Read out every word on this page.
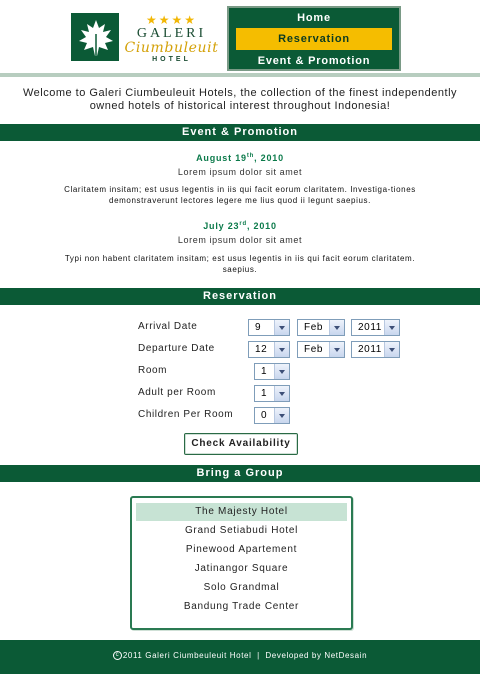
★★★★
GALERI
Ciumbuleuit
HOTEL
Home
Reservation
Event & Promotion
Welcome to Galeri Ciumbeuleuit Hotels, the collection of the finest independently owned hotels of historical interest throughout Indonesia!
Event & Promotion
August 19th, 2010
Lorem ipsum dolor sit amet
Claritatem insitam; est usus legentis in iis qui facit eorum claritatem. Investiga-tiones demonstraverunt lectores legere me lius quod ii legunt saepius.
July 23rd, 2010
Lorem ipsum dolor sit amet
Typi non habent claritatem insitam; est usus legentis in iis qui facit eorum claritatem. saepius.
Reservation
Arrival Date	9	Feb	2011
Departure Date	12	Feb	2011
Room	1
Adult per Room	1
Children Per Room	0
Check Availability
Bring a Group
The Majesty Hotel
Grand Setiabudi Hotel
Pinewood Apartement
Jatinangor Square
Solo Grandmal
Bandung Trade Center
c 2011 Galeri Ciumbeuleuit Hotel  |  Developed by NetDesain
